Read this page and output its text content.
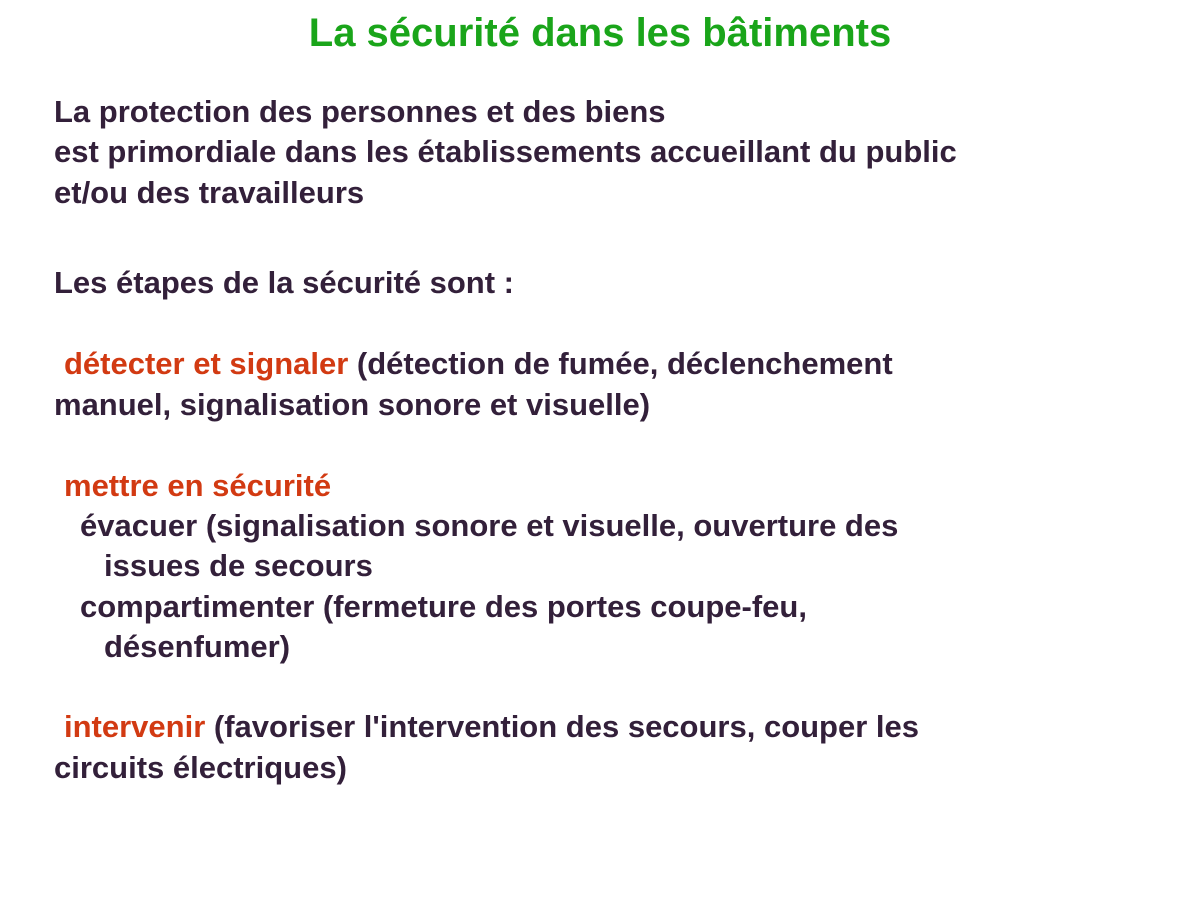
La sécurité dans les bâtiments
La protection des personnes et des biens
est primordiale dans les établissements accueillant du public
et/ou des travailleurs
Les étapes de la sécurité sont :
détecter et signaler (détection de fumée, déclenchement
manuel, signalisation sonore et visuelle)
mettre en sécurité
évacuer (signalisation sonore et visuelle, ouverture des
issues de secours
compartimenter (fermeture des portes coupe-feu,
désenfumer)
intervenir (favoriser l'intervention des secours, couper les
circuits électriques)
